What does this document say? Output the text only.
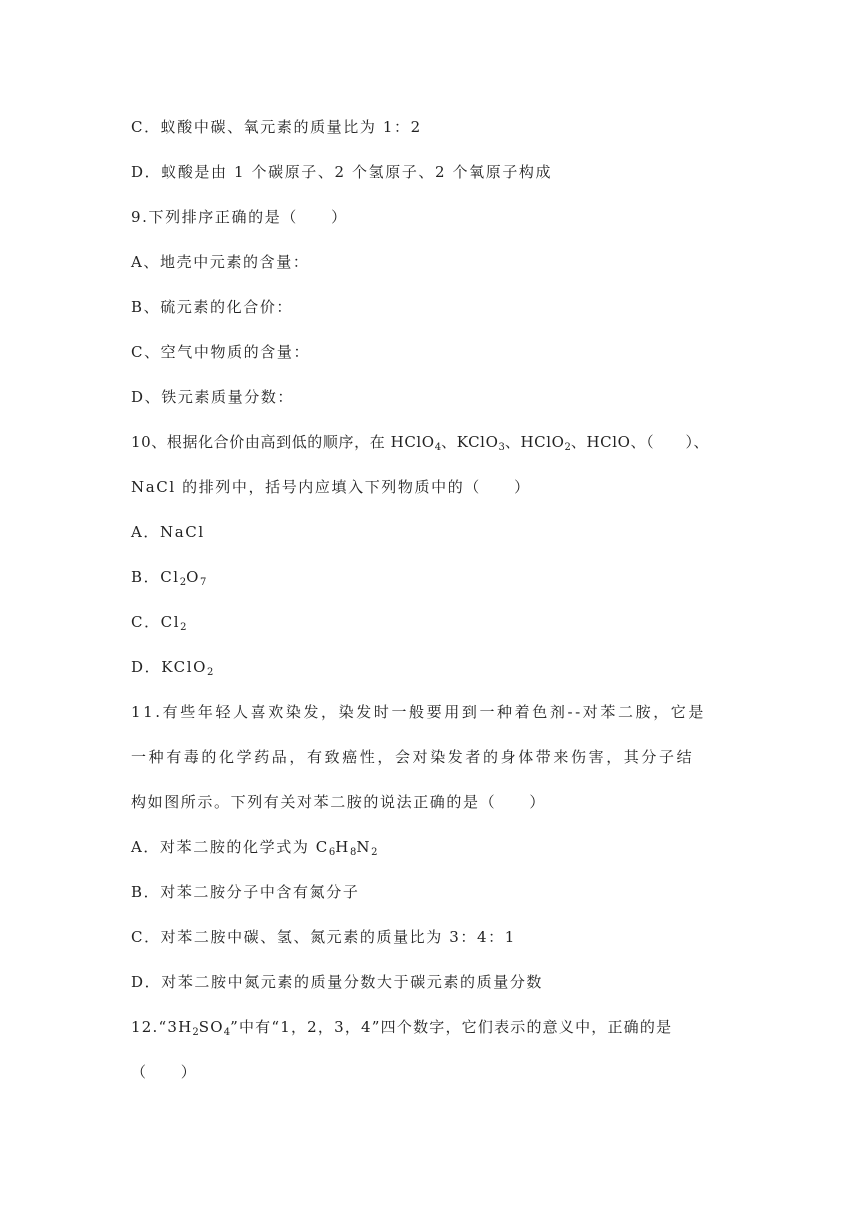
C．蚁酸中碳、氧元素的质量比为 1：2
D．蚁酸是由 1 个碳原子、2 个氢原子、2 个氧原子构成
9.下列排序正确的是（　　）
A、地壳中元素的含量：
B、硫元素的化合价：
C、空气中物质的含量：
D、铁元素质量分数：
10、根据化合价由高到低的顺序，在 HClO$_4$、KClO$_3$、HClO$_2$、HClO、（　　）、
NaCl 的排列中，括号内应填入下列物质中的（　　）
A．NaCl
B．$Cl_2O_7$
C．$Cl_2$
D．KClO$_2$
11.有些年轻人喜欢染发，染发时一般要用到一种着色剂--对苯二胺，它是
一种有毒的化学药品，有致癌性，会对染发者的身体带来伤害，其分子结
构如图所示。下列有关对苯二胺的说法正确的是（　　）
A．对苯二胺的化学式为 $C_6H_8N_2$
B．对苯二胺分子中含有氮分子
C．对苯二胺中碳、氢、氮元素的质量比为 3：4：1
D．对苯二胺中氮元素的质量分数大于碳元素的质量分数
$12.“3H_2SO_4$”中有“1，2，3，4”四个数字，它们表示的意义中，正确的是
（　　）
